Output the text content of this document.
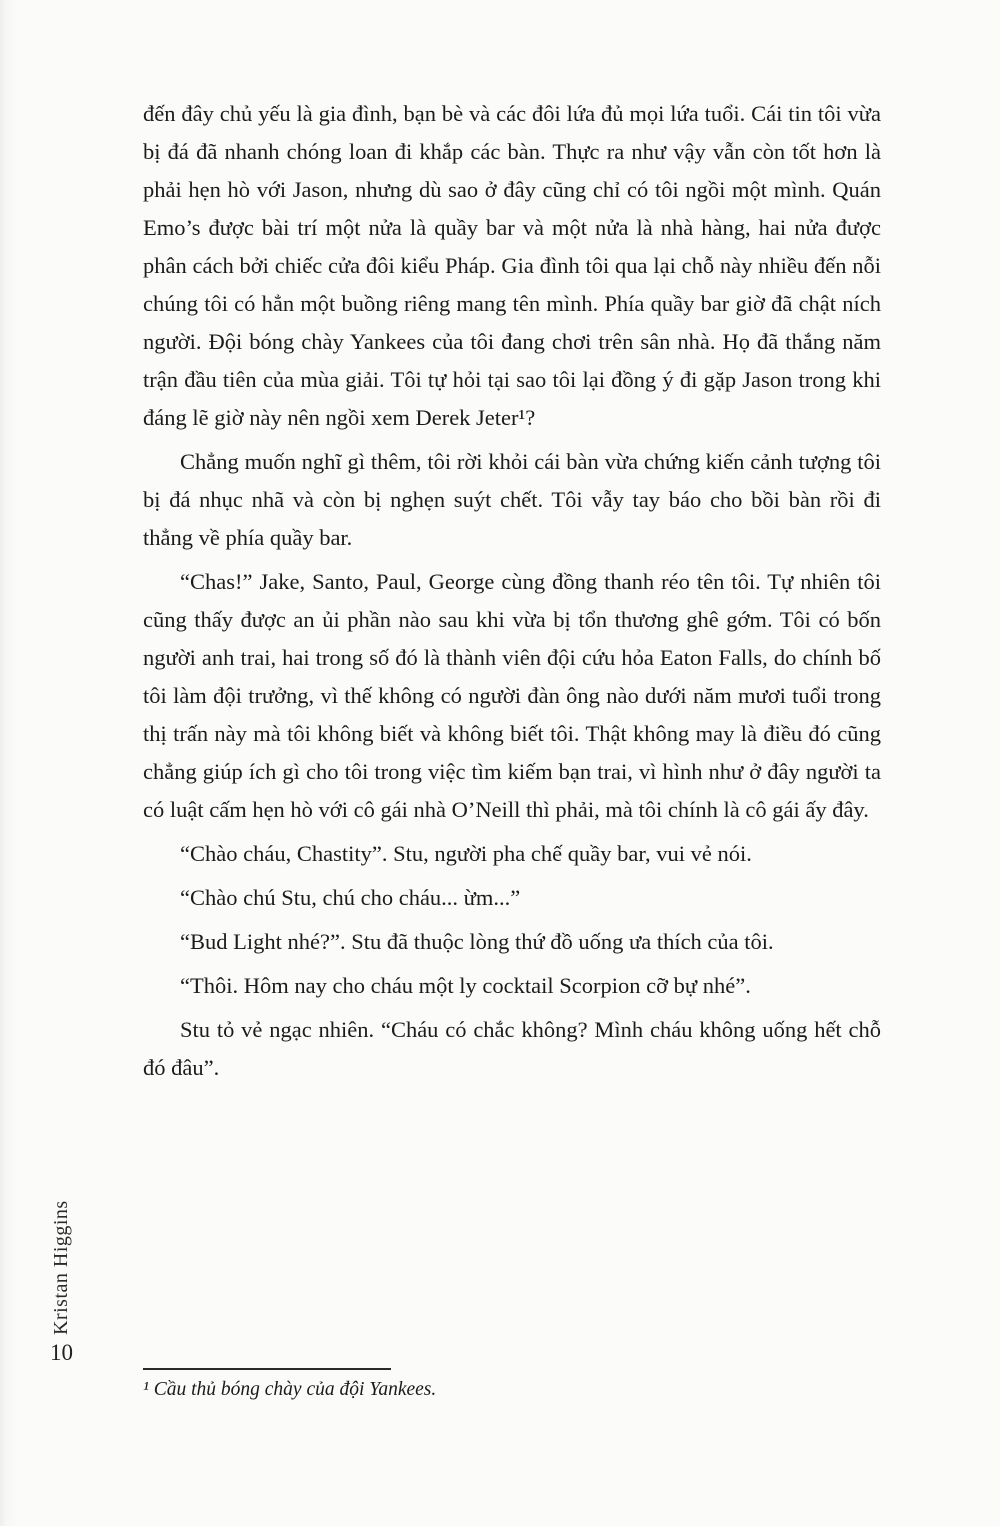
Kristan Higgins
10

đến đây chủ yếu là gia đình, bạn bè và các đôi lứa đủ mọi lứa tuổi. Cái tin tôi vừa bị đá đã nhanh chóng loan đi khắp các bàn. Thực ra như vậy vẫn còn tốt hơn là phải hẹn hò với Jason, nhưng dù sao ở đây cũng chỉ có tôi ngồi một mình. Quán Emo’s được bài trí một nửa là quầy bar và một nửa là nhà hàng, hai nửa được phân cách bởi chiếc cửa đôi kiểu Pháp. Gia đình tôi qua lại chỗ này nhiều đến nỗi chúng tôi có hẳn một buồng riêng mang tên mình. Phía quầy bar giờ đã chật ních người. Đội bóng chày Yankees của tôi đang chơi trên sân nhà. Họ đã thắng năm trận đầu tiên của mùa giải. Tôi tự hỏi tại sao tôi lại đồng ý đi gặp Jason trong khi đáng lẽ giờ này nên ngồi xem Derek Jeter¹?

Chẳng muốn nghĩ gì thêm, tôi rời khỏi cái bàn vừa chứng kiến cảnh tượng tôi bị đá nhục nhã và còn bị nghẹn suýt chết. Tôi vẫy tay báo cho bồi bàn rồi đi thẳng về phía quầy bar.

“Chas!” Jake, Santo, Paul, George cùng đồng thanh réo tên tôi. Tự nhiên tôi cũng thấy được an ủi phần nào sau khi vừa bị tổn thương ghê gớm. Tôi có bốn người anh trai, hai trong số đó là thành viên đội cứu hỏa Eaton Falls, do chính bố tôi làm đội trưởng, vì thế không có người đàn ông nào dưới năm mươi tuổi trong thị trấn này mà tôi không biết và không biết tôi. Thật không may là điều đó cũng chẳng giúp ích gì cho tôi trong việc tìm kiếm bạn trai, vì hình như ở đây người ta có luật cấm hẹn hò với cô gái nhà O’Neill thì phải, mà tôi chính là cô gái ấy đây.

“Chào cháu, Chastity”. Stu, người pha chế quầy bar, vui vẻ nói.

“Chào chú Stu, chú cho cháu... ừm...”

“Bud Light nhé?”. Stu đã thuộc lòng thứ đồ uống ưa thích của tôi.

“Thôi. Hôm nay cho cháu một ly cocktail Scorpion cỡ bự nhé”.

Stu tỏ vẻ ngạc nhiên. “Cháu có chắc không? Mình cháu không uống hết chỗ đó đâu”.

¹ Cầu thủ bóng chày của đội Yankees.
